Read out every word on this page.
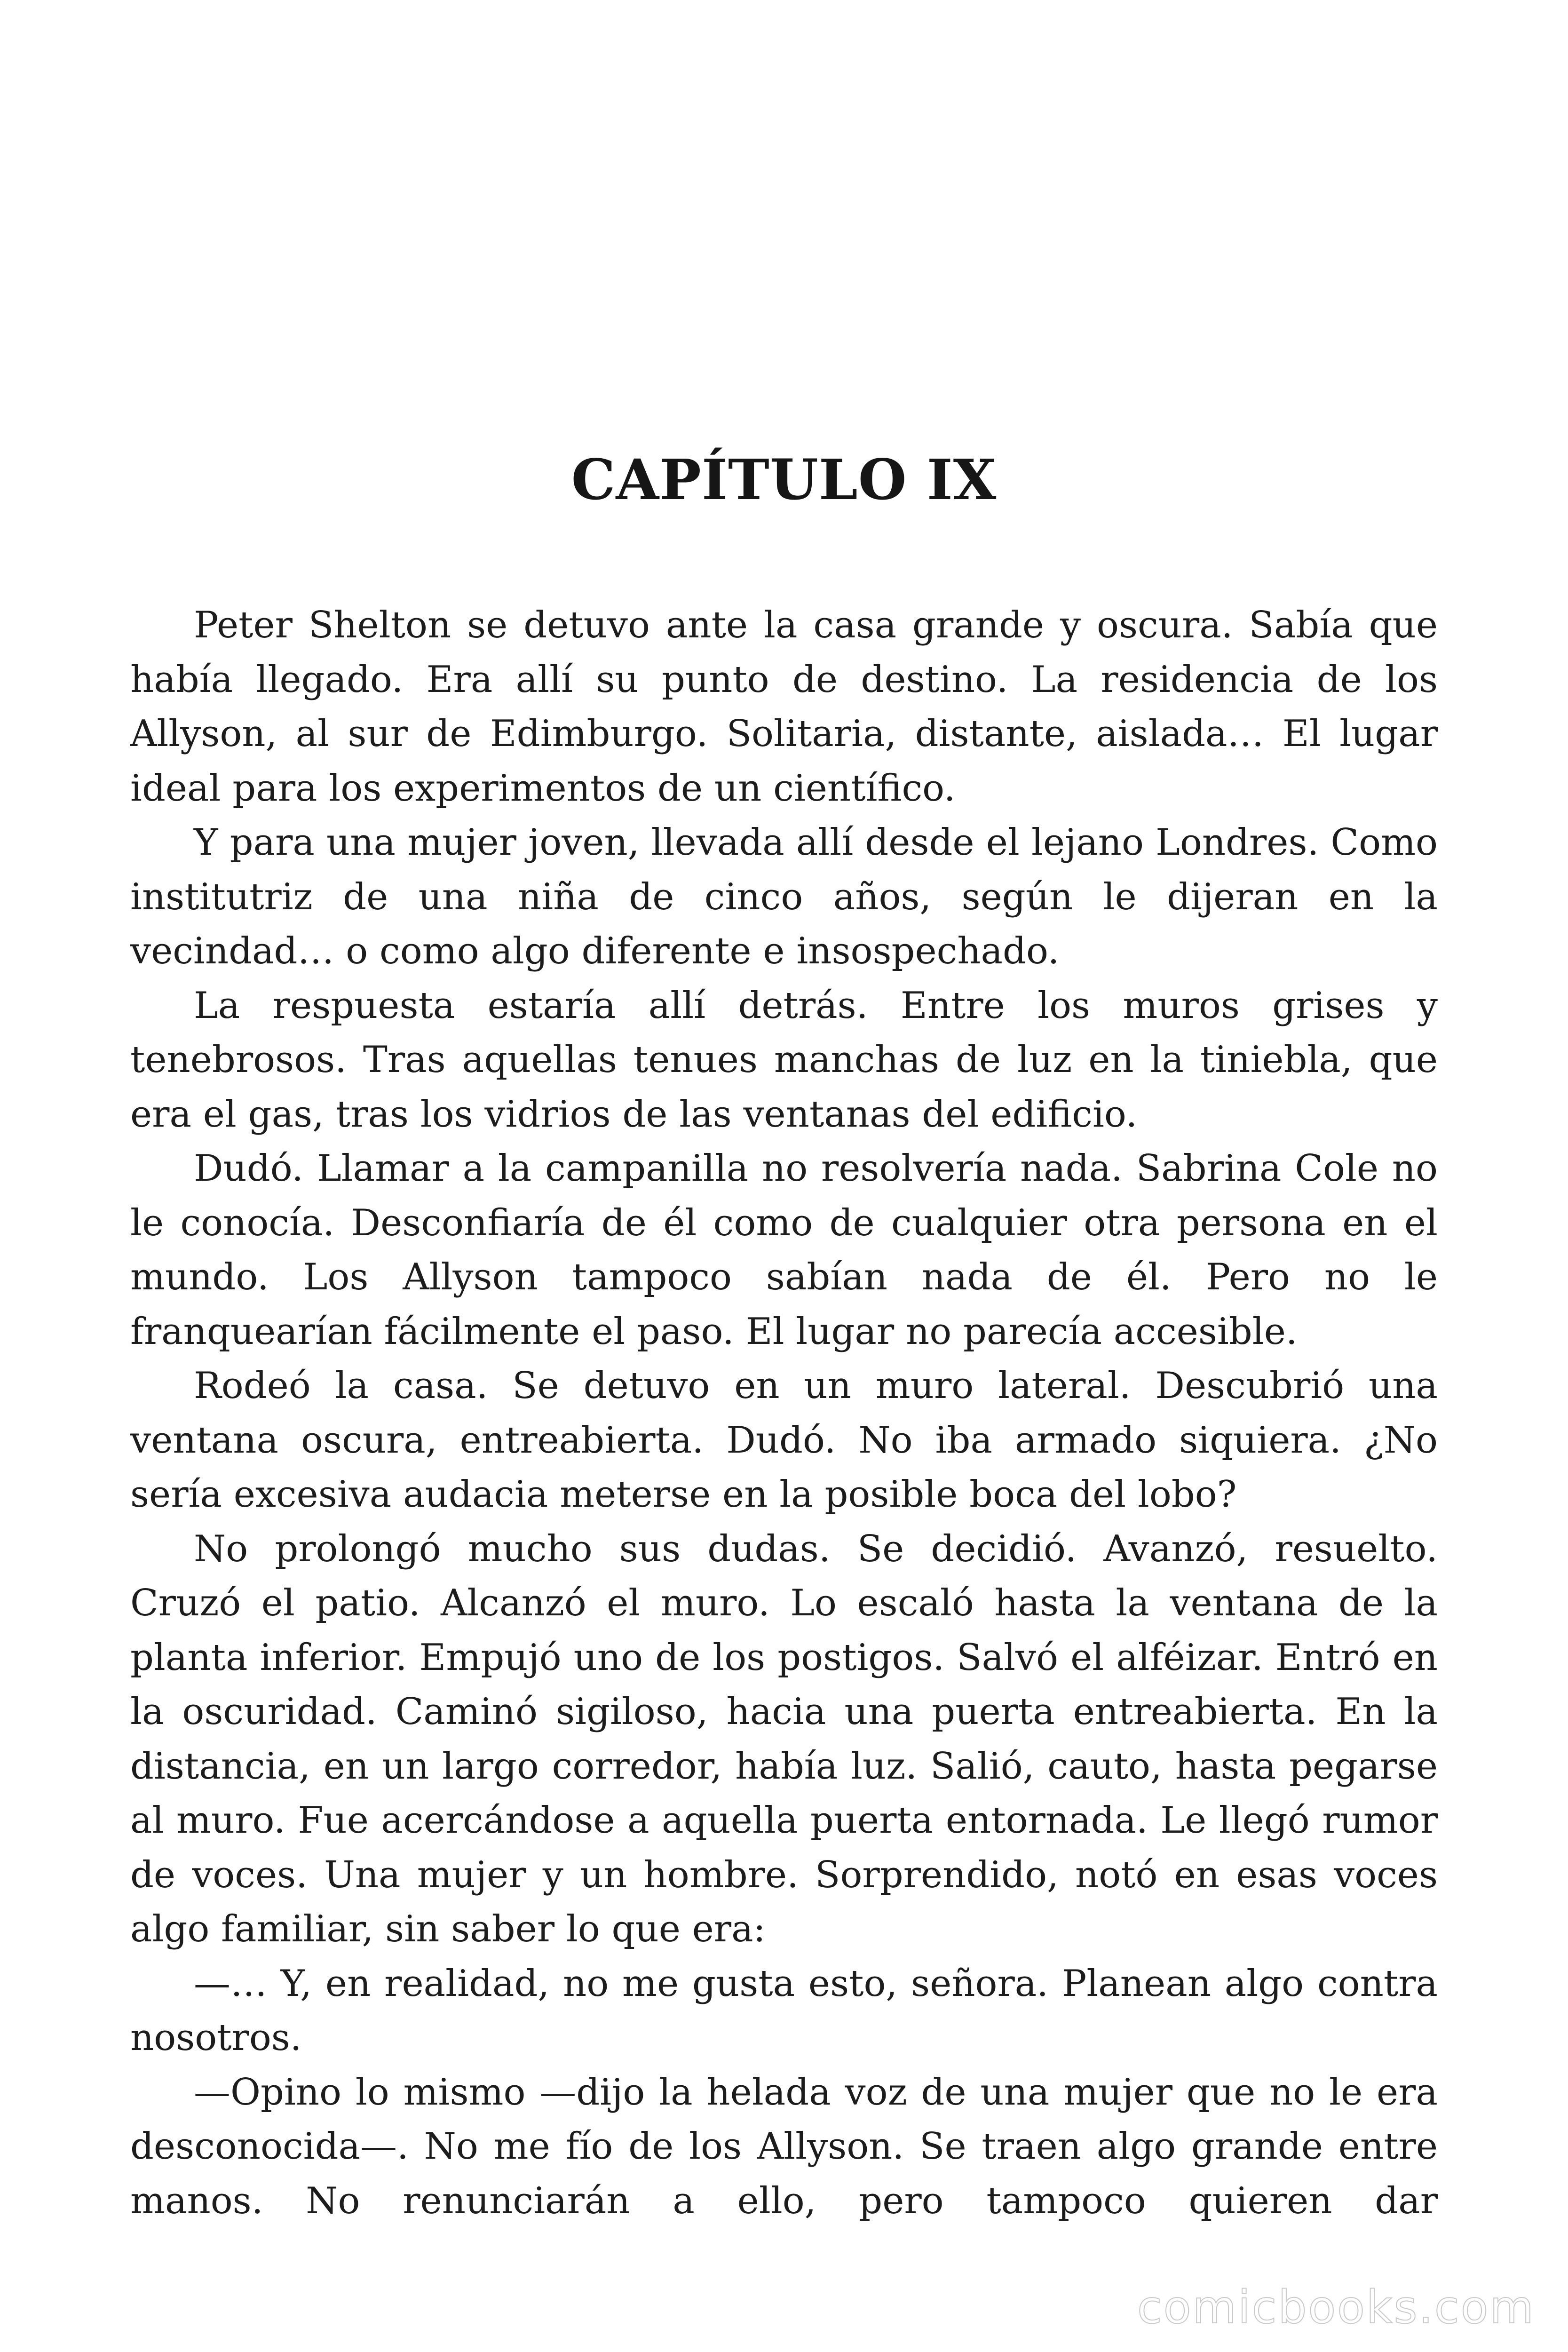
CAPÍTULO IX

Peter Shelton se detuvo ante la casa grande y oscura. Sabía que había llegado. Era allí su punto de destino. La residencia de los Allyson, al sur de Edimburgo. Solitaria, distante, aislada… El lugar ideal para los experimentos de un científico.

Y para una mujer joven, llevada allí desde el lejano Londres. Como institutriz de una niña de cinco años, según le dijeran en la vecindad… o como algo diferente e insospechado.

La respuesta estaría allí detrás. Entre los muros grises y tenebrosos. Tras aquellas tenues manchas de luz en la tiniebla, que era el gas, tras los vidrios de las ventanas del edificio.

Dudó. Llamar a la campanilla no resolvería nada. Sabrina Cole no le conocía. Desconfiaría de él como de cualquier otra persona en el mundo. Los Allyson tampoco sabían nada de él. Pero no le franquearían fácilmente el paso. El lugar no parecía accesible.

Rodeó la casa. Se detuvo en un muro lateral. Descubrió una ventana oscura, entreabierta. Dudó. No iba armado siquiera. ¿No sería excesiva audacia meterse en la posible boca del lobo?

No prolongó mucho sus dudas. Se decidió. Avanzó, resuelto. Cruzó el patio. Alcanzó el muro. Lo escaló hasta la ventana de la planta inferior. Empujó uno de los postigos. Salvó el alféizar. Entró en la oscuridad. Caminó sigiloso, hacia una puerta entreabierta. En la distancia, en un largo corredor, había luz. Salió, cauto, hasta pegarse al muro. Fue acercándose a aquella puerta entornada. Le llegó rumor de voces. Una mujer y un hombre. Sorprendido, notó en esas voces algo familiar, sin saber lo que era:

—… Y, en realidad, no me gusta esto, señora. Planean algo contra nosotros.

—Opino lo mismo —dijo la helada voz de una mujer que no le era desconocida—. No me fío de los Allyson. Se traen algo grande entre manos. No renunciarán a ello, pero tampoco quieren dar

comicbooks.com
